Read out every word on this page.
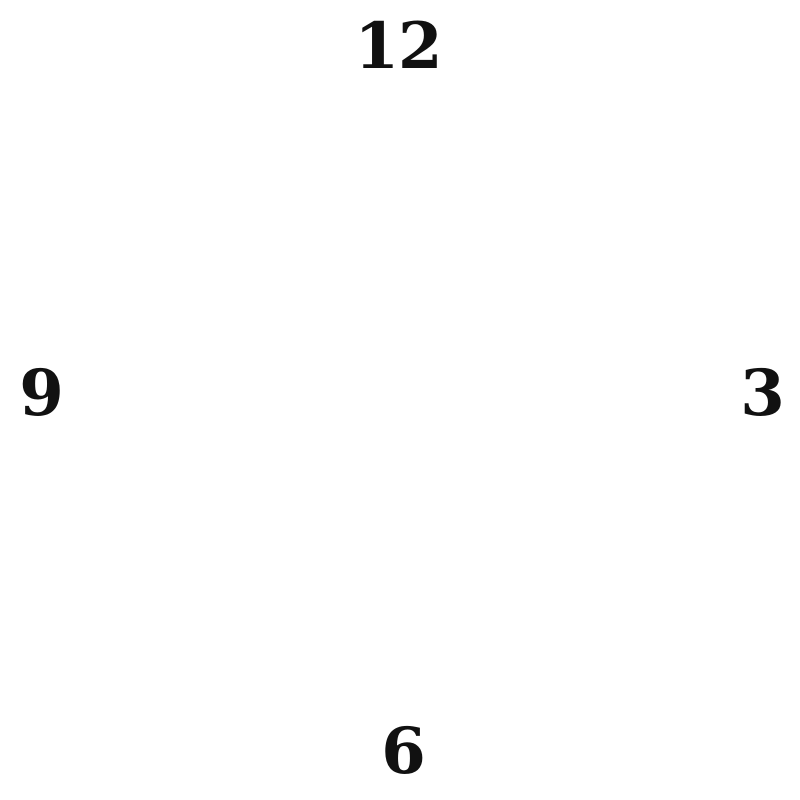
12
3
6
9
